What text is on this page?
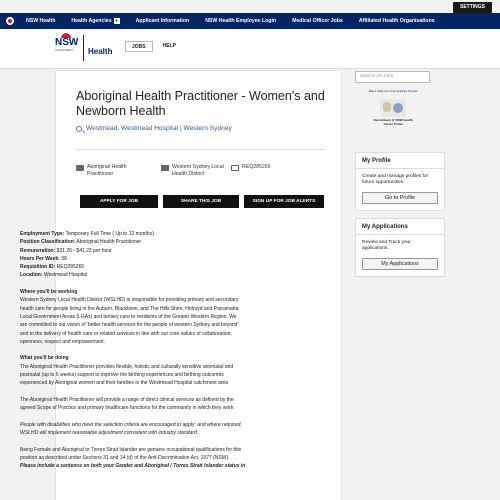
SETTINGS
NSW Health	Health Agencies ▼	Applicant Information	NSW Health Employee Login	Medical Officer Jobs	Affiliated Health Organisations
NSW
GOVERNMENT Health	JOBS	HELP
Aboriginal Health Practitioner - Women's and Newborn Health
Westmead, Westmead Hospital | Western Sydney
Aboriginal Health
Practitioner
Western Sydney Local
Health District
REQ285265
APPLY FOR JOB	SHARE THIS JOB	SIGN UP FOR JOB ALERTS
Employment Type: Temporary Full Time ( Up to 12 months)
Position Classification: Aboriginal Health Practitioner
Remuneration: $31.26 - $41.22 per hour
Hours Per Week: 38
Requisition ID: REQ285265
Location: Westmead Hospital
Where you'll be working
Western Sydney Local Health District (WSLHD) is responsible for providing primary and secondary
health care for people living in the Auburn, Blacktown, and The Hills Shire, Holroyd and Parramatta
Local Government Areas (LGAs) and tertiary care to residents of the Greater Western Region. We
are committed to our vision of 'better health services for the people of western Sydney and beyond'
and to the delivery of health care or related services in line with our core values of collaboration,
openness, respect and empowerment.
What you'll be doing
The Aboriginal Health Practitioner provides flexible, holistic and culturally sensitive antenatal and
postnatal (up to 6 weeks) support to improve the birthing experiences and birthing outcomes
experienced by Aboriginal women and their families in the Westmead Hospital catchment area
The Aboriginal Health Practitioner will provide a range of direct clinical services as defined by the
agreed Scope of Practice and primary healthcare functions for the community in which they work
People with disabilities who meet the selection criteria are encouraged to apply; and where required,
WSLHD will implement reasonable adjustment consistent with industry standard.
Being Female and Aboriginal or Torres Strait Islander are genuine occupational qualifications for this
position as described under Sections 31 and 14 (d) of the Anti-Discrimination Act, 1977 (NSW).
Please include a sentence on both your Gender and Aboriginal / Torres Strait Islander status in
Search All Jobs
Take a Video tour of our Applicant Process
Recruitment @ NSW Health
Career Portal
My Profile
Create and manage profiles for future opportunities.
Go to Profile
My Applications
Review and Track your applications.
My Applications
